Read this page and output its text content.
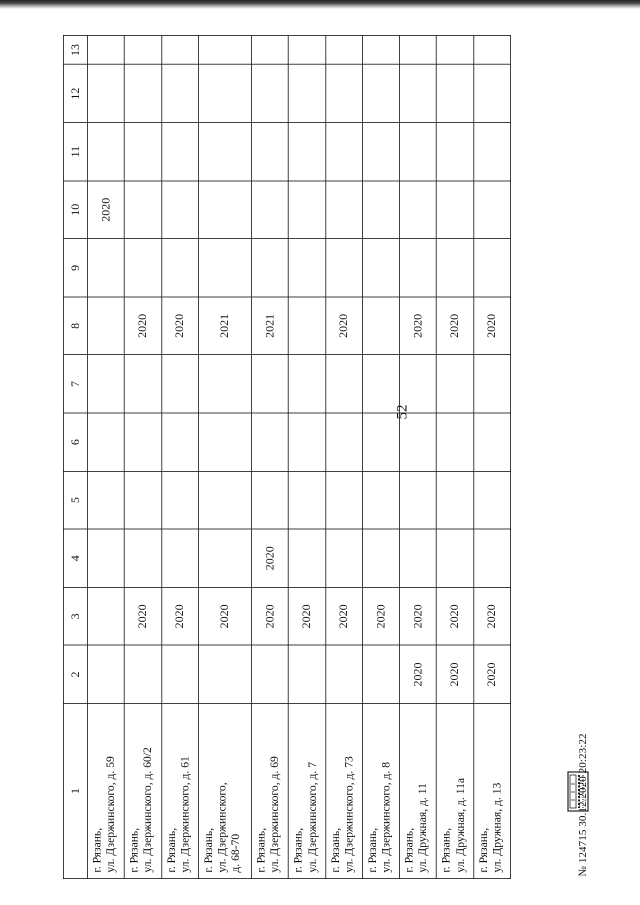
52
1	2	3	4	5	6	7	8	9	10	11	12	13

г. Рязань, ул. Дзержинского, д. 59									2020			

г. Рязань, ул. Дзержинского, д. 60/2		2020					2020					

г. Рязань, ул. Дзержинского, д. 61		2020					2020					

г. Рязань, ул. Дзержинского, д. 68-70		2020					2021					

г. Рязань, ул. Дзержинского, д. 69		2020	2020				2021					

г. Рязань, ул. Дзержинского, д. 7		2020										

г. Рязань, ул. Дзержинского, д. 73		2020					2020					

г. Рязань, ул. Дзержинского, д. 8		2020										

г. Рязань, ул. Дружная, д. 11	2020	2020					2020					

г. Рязань, ул. Дружная, д. 11а	2020	2020					2020					

г. Рязань, ул. Дружная, д. 13	2020	2020					2020					
№ 124715 30.12.2020 20:23:22
